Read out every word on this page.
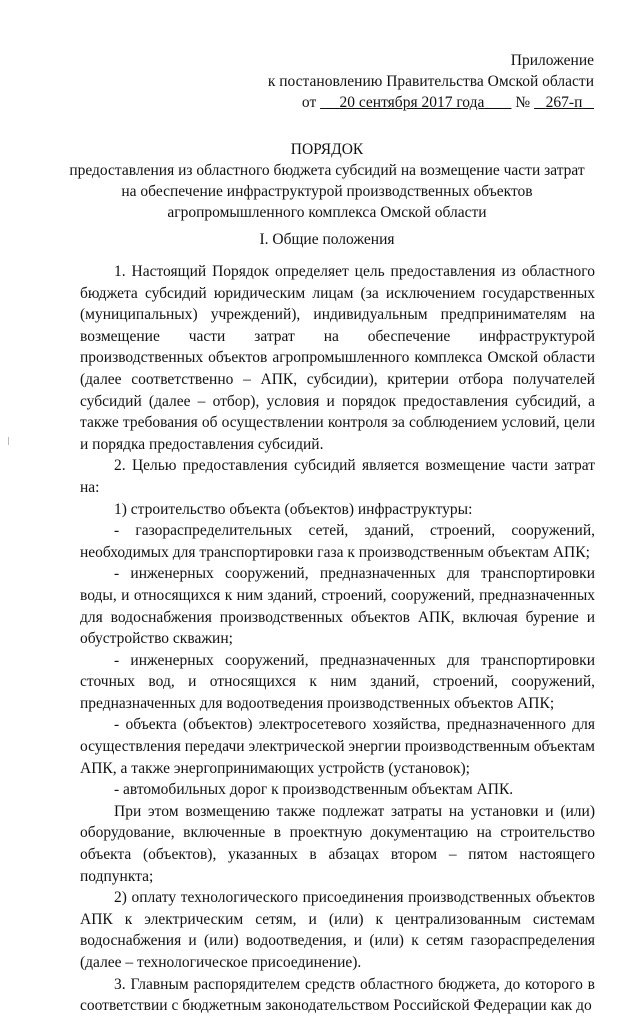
Приложение
к постановлению Правительства Омской области
от 20 сентября 2017 года № 267-п
ПОРЯДОК
предоставления из областного бюджета субсидий на возмещение части затрат
на обеспечение инфраструктурой производственных объектов
агропромышленного комплекса Омской области
I. Общие положения

1. Настоящий Порядок определяет цель предоставления из областного бюджета субсидий юридическим лицам (за исключением государственных (муниципальных) учреждений), индивидуальным предпринимателям на возмещение части затрат на обеспечение инфраструктурой производственных объектов агропромышленного комплекса Омской области (далее соответственно – АПК, субсидии), критерии отбора получателей субсидий (далее – отбор), условия и порядок предоставления субсидий, а также требования об осуществлении контроля за соблюдением условий, цели и порядка предоставления субсидий.

2. Целью предоставления субсидий является возмещение части затрат на:

1) строительство объекта (объектов) инфраструктуры:

- газораспределительных сетей, зданий, строений, сооружений, необходимых для транспортировки газа к производственным объектам АПК;

- инженерных сооружений, предназначенных для транспортировки воды, и относящихся к ним зданий, строений, сооружений, предназначенных для водоснабжения производственных объектов АПК, включая бурение и обустройство скважин;

- инженерных сооружений, предназначенных для транспортировки сточных вод, и относящихся к ним зданий, строений, сооружений, предназначенных для водоотведения производственных объектов АПК;

- объекта (объектов) электросетевого хозяйства, предназначенного для осуществления передачи электрической энергии производственным объектам АПК, а также энергопринимающих устройств (установок);

- автомобильных дорог к производственным объектам АПК.

При этом возмещению также подлежат затраты на установки и (или) оборудование, включенные в проектную документацию на строительство объекта (объектов), указанных в абзацах втором – пятом настоящего подпункта;

2) оплату технологического присоединения производственных объектов АПК к электрическим сетям, и (или) к централизованным системам водоснабжения и (или) водоотведения, и (или) к сетям газораспределения (далее – технологическое присоединение).

3. Главным распорядителем средств областного бюджета, до которого в соответствии с бюджетным законодательством Российской Федерации как до
